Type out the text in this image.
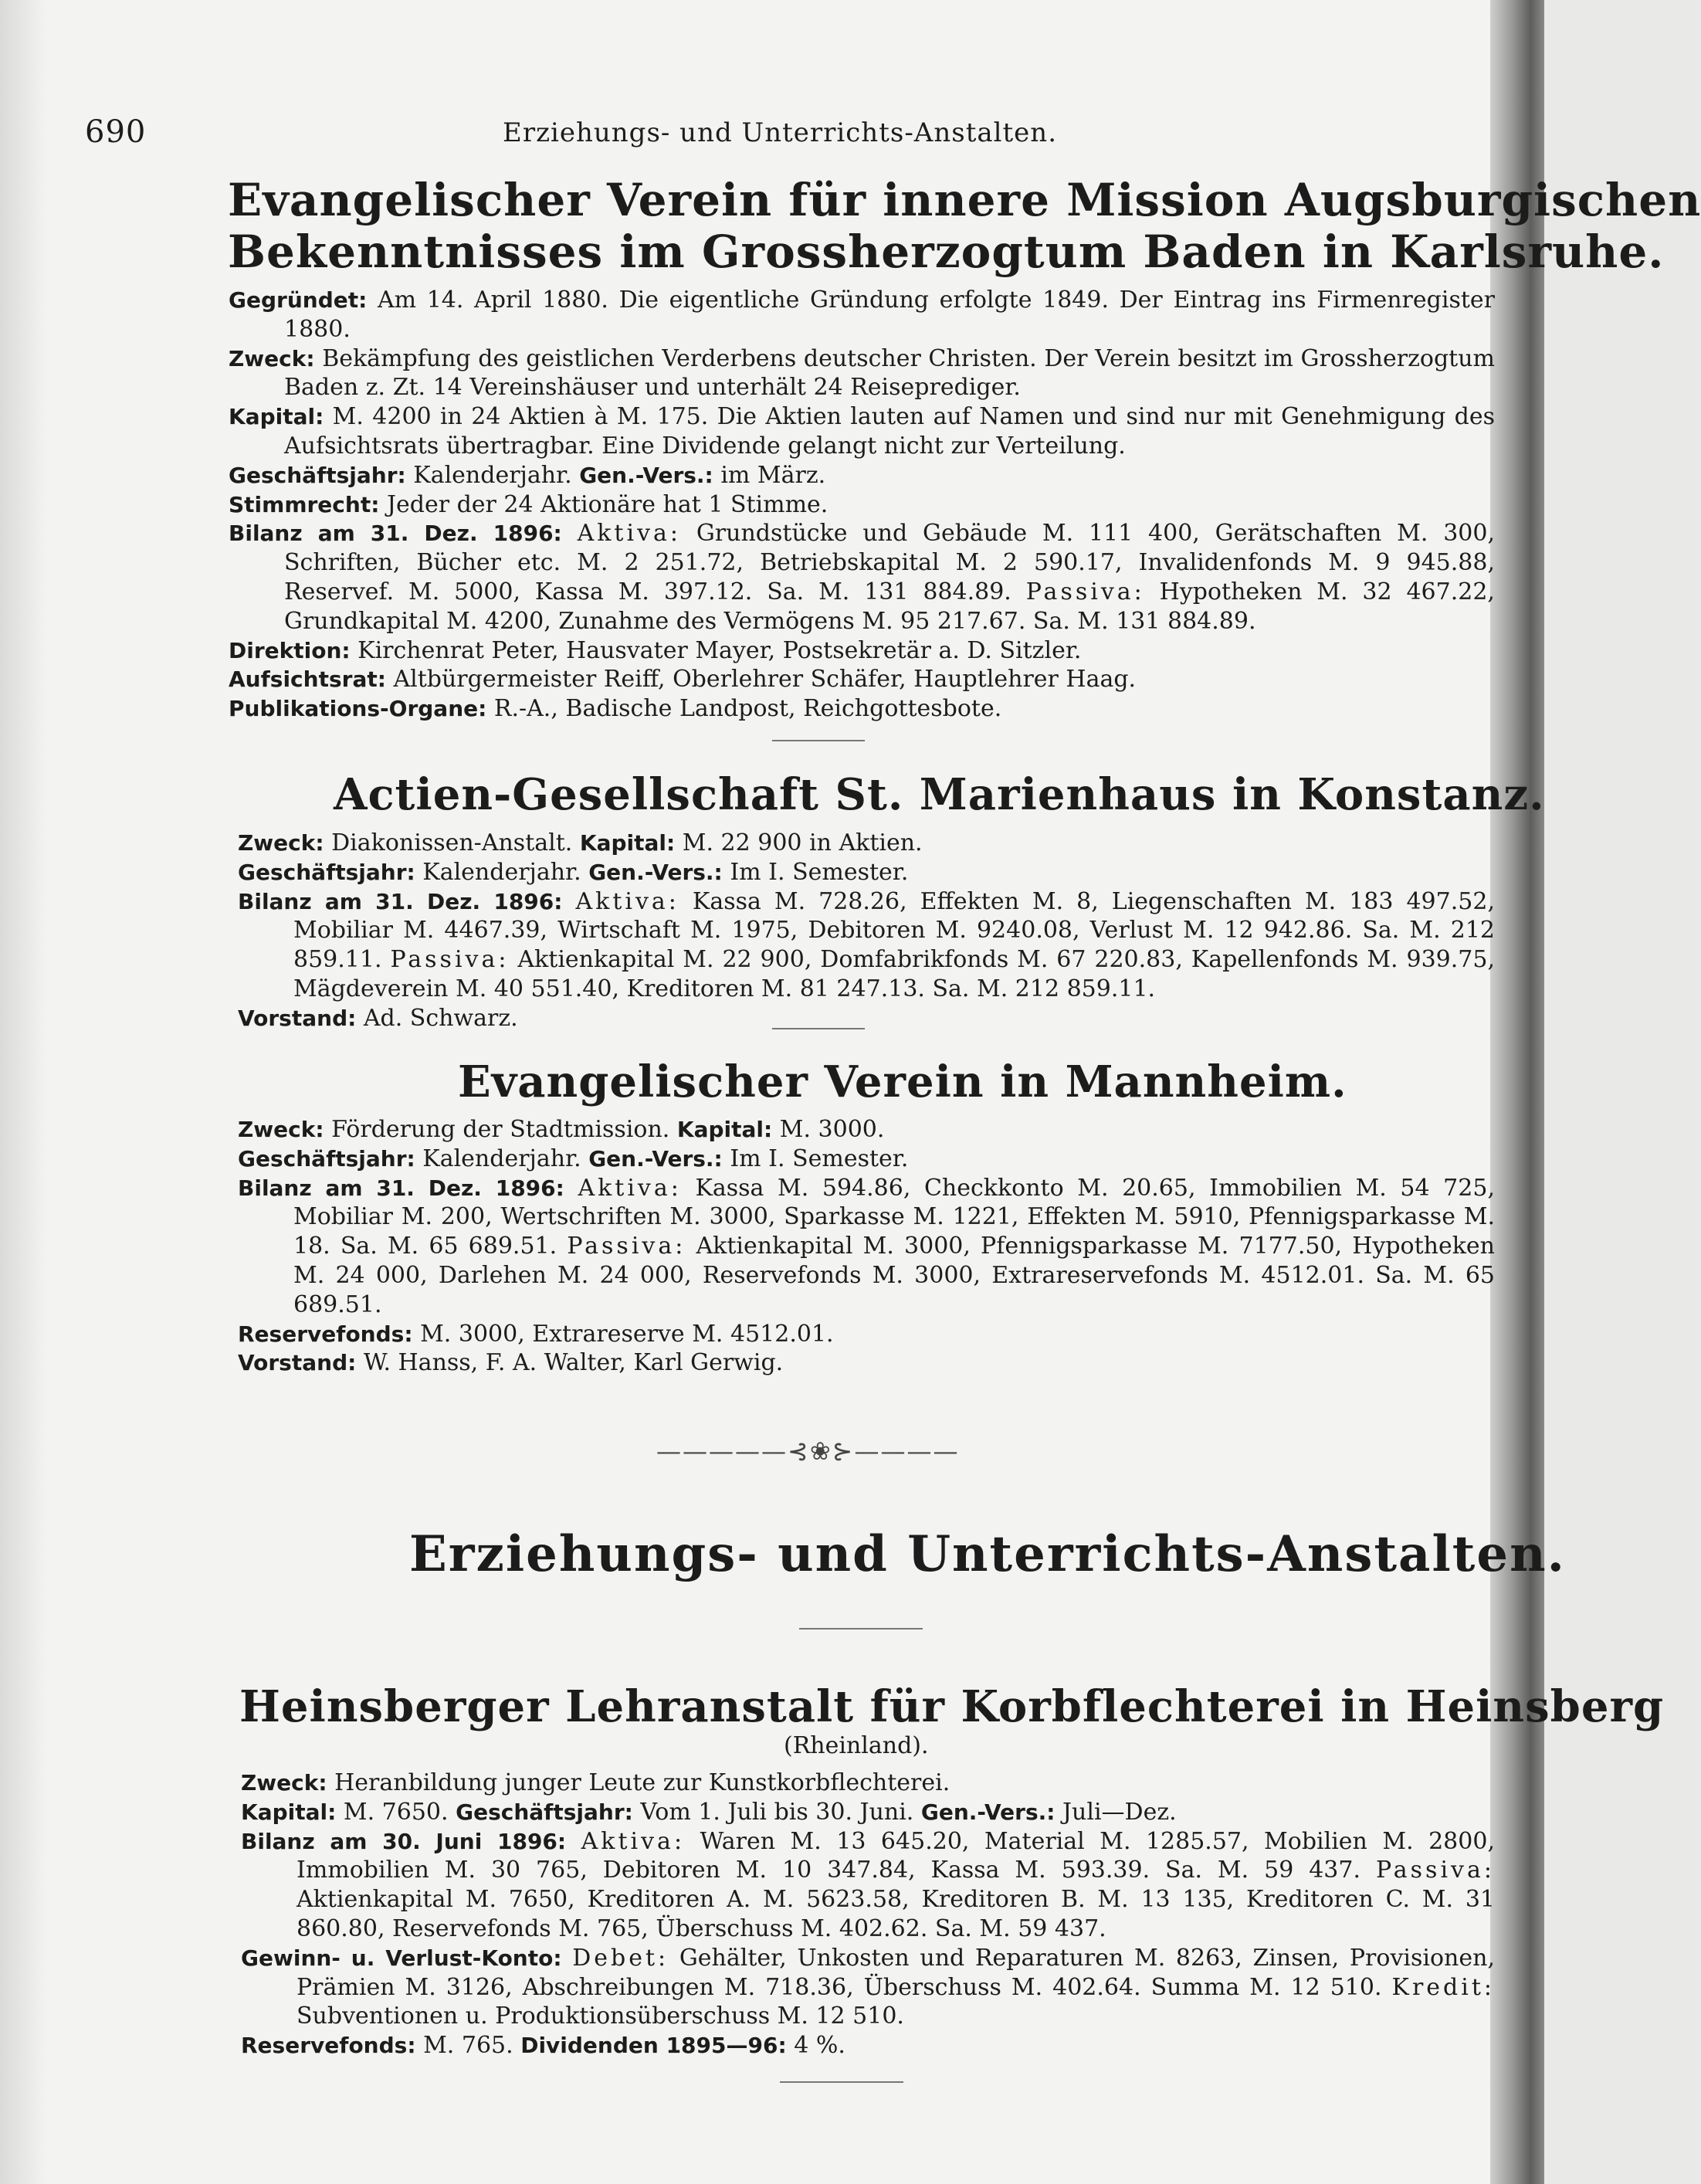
690	Erziehungs- und Unterrichts-Anstalten.
Evangelischer Verein für innere Mission Augsburgischen
Bekenntnisses im Grossherzogtum Baden in Karlsruhe.
Gegründet: Am 14. April 1880. Die eigentliche Gründung erfolgte 1849. Der Eintrag ins Firmenregister 1880.
Zweck: Bekämpfung des geistlichen Verderbens deutscher Christen. Der Verein besitzt im Grossherzogtum Baden z. Zt. 14 Vereinshäuser und unterhält 24 Reiseprediger.
Kapital: M. 4200 in 24 Aktien à M. 175. Die Aktien lauten auf Namen und sind nur mit Genehmigung des Aufsichtsrats übertragbar. Eine Dividende gelangt nicht zur Verteilung.
Geschäftsjahr: Kalenderjahr. Gen.-Vers.: im März.
Stimmrecht: Jeder der 24 Aktionäre hat 1 Stimme.
Bilanz am 31. Dez. 1896: Aktiva: Grundstücke und Gebäude M. 111 400, Gerätschaften M. 300, Schriften, Bücher etc. M. 2 251.72, Betriebskapital M. 2 590.17, Invalidenfonds M. 9 945.88, Reservef. M. 5000, Kassa M. 397.12. Sa. M. 131 884.89. Passiva: Hypotheken M. 32 467.22, Grundkapital M. 4200, Zunahme des Vermögens M. 95 217.67. Sa. M. 131 884.89.
Direktion: Kirchenrat Peter, Hausvater Mayer, Postsekretär a. D. Sitzler.
Aufsichtsrat: Altbürgermeister Reiff, Oberlehrer Schäfer, Hauptlehrer Haag.
Publikations-Organe: R.-A., Badische Landpost, Reichgottesbote.
Actien-Gesellschaft St. Marienhaus in Konstanz.
Zweck: Diakonissen-Anstalt. Kapital: M. 22 900 in Aktien.
Geschäftsjahr: Kalenderjahr. Gen.-Vers.: Im I. Semester.
Bilanz am 31. Dez. 1896: Aktiva: Kassa M. 728.26, Effekten M. 8, Liegenschaften M. 183 497.52, Mobiliar M. 4467.39, Wirtschaft M. 1975, Debitoren M. 9240.08, Verlust M. 12 942.86. Sa. M. 212 859.11. Passiva: Aktienkapital M. 22 900, Domfabrikfonds M. 67 220.83, Kapellenfonds M. 939.75, Mägdeverein M. 40 551.40, Kreditoren M. 81 247.13. Sa. M. 212 859.11.
Vorstand: Ad. Schwarz.
Evangelischer Verein in Mannheim.
Zweck: Förderung der Stadtmission. Kapital: M. 3000.
Geschäftsjahr: Kalenderjahr. Gen.-Vers.: Im I. Semester.
Bilanz am 31. Dez. 1896: Aktiva: Kassa M. 594.86, Checkkonto M. 20.65, Immobilien M. 54 725, Mobiliar M. 200, Wertschriften M. 3000, Sparkasse M. 1221, Effekten M. 5910, Pfennigsparkasse M. 18. Sa. M. 65 689.51. Passiva: Aktienkapital M. 3000, Pfennigsparkasse M. 7177.50, Hypotheken M. 24 000, Darlehen M. 24 000, Reservefonds M. 3000, Extrareservefonds M. 4512.01. Sa. M. 65 689.51.
Reservefonds: M. 3000, Extrareserve M. 4512.01.
Vorstand: W. Hanss, F. A. Walter, Karl Gerwig.
—————⊰❀⊱————
Erziehungs- und Unterrichts-Anstalten.
Heinsberger Lehranstalt für Korbflechterei in Heinsberg
(Rheinland).
Zweck: Heranbildung junger Leute zur Kunstkorbflechterei.
Kapital: M. 7650. Geschäftsjahr: Vom 1. Juli bis 30. Juni. Gen.-Vers.: Juli—Dez.
Bilanz am 30. Juni 1896: Aktiva: Waren M. 13 645.20, Material M. 1285.57, Mobilien M. 2800, Immobilien M. 30 765, Debitoren M. 10 347.84, Kassa M. 593.39. Sa. M. 59 437. Passiva: Aktienkapital M. 7650, Kreditoren A. M. 5623.58, Kreditoren B. M. 13 135, Kreditoren C. M. 31 860.80, Reservefonds M. 765, Überschuss M. 402.62. Sa. M. 59 437.
Gewinn- u. Verlust-Konto: Debet: Gehälter, Unkosten und Reparaturen M. 8263, Zinsen, Provisionen, Prämien M. 3126, Abschreibungen M. 718.36, Überschuss M. 402.64. Summa M. 12 510. Kredit: Subventionen u. Produktionsüberschuss M. 12 510.
Reservefonds: M. 765. Dividenden 1895—96: 4 %.
